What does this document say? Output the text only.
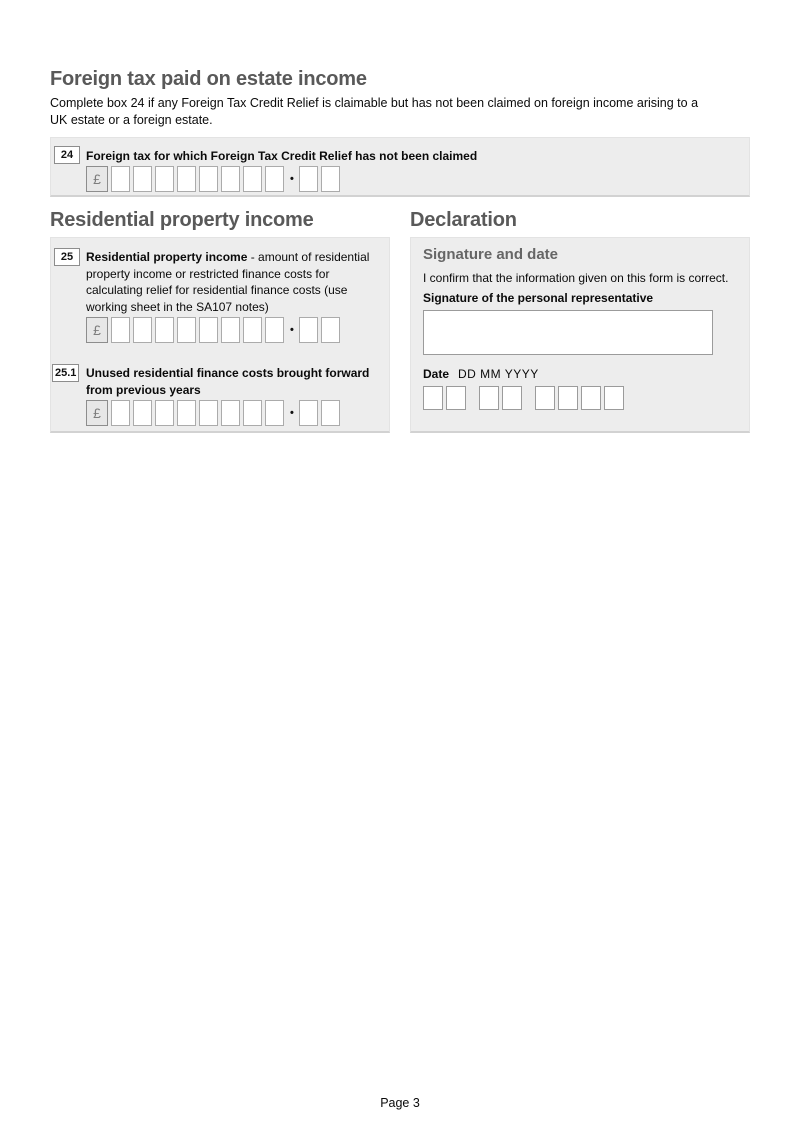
Foreign tax paid on estate income
Complete box 24 if any Foreign Tax Credit Relief is claimable but has not been claimed on foreign income arising to a UK estate or a foreign estate.
24	Foreign tax for which Foreign Tax Credit Relief has not been claimed
£	•
Residential property income	Declaration
25	Residential property income - amount of residential property income or restricted finance costs for calculating relief for residential finance costs (use working sheet in the SA107 notes)
£	•
25.1 Unused residential finance costs brought forward from previous years
£	•
Signature and date
I confirm that the information given on this form is correct.
Signature of the personal representative
Date DD MM YYYY
Page 3
